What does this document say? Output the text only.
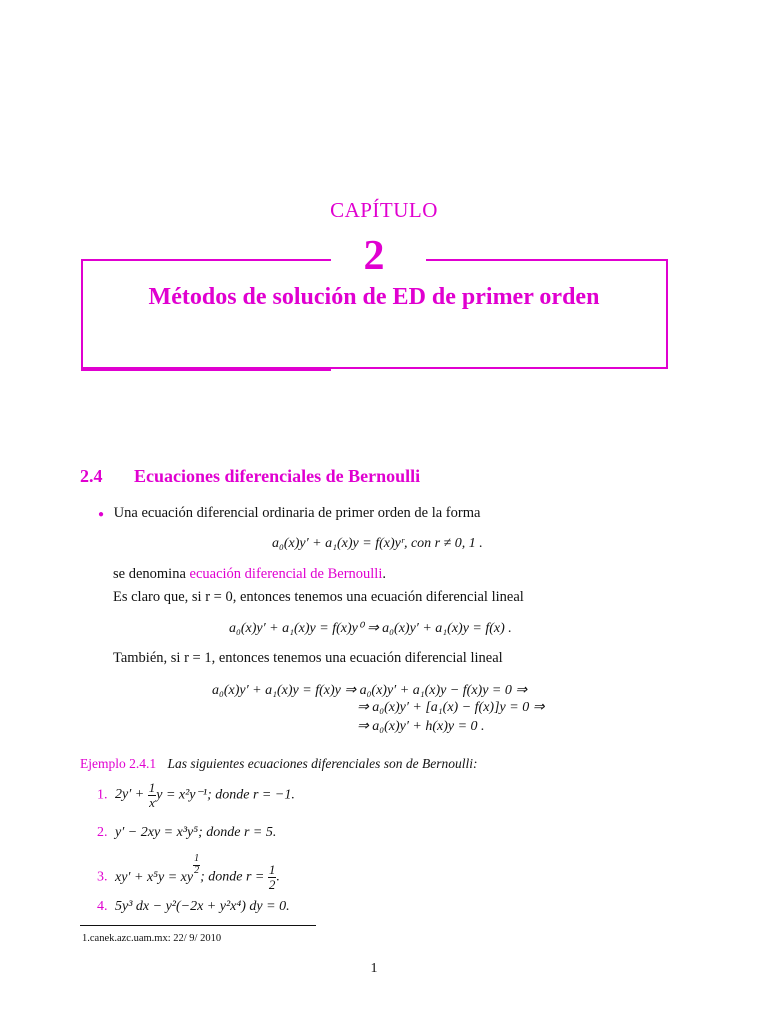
CAPÍTULO
2
Métodos de solución de ED de primer orden
2.4 Ecuaciones diferenciales de Bernoulli
● Una ecuación diferencial ordinaria de primer orden de la forma
a₀(x)y′ + a₁(x)y = f(x)yʳ, con r ≠ 0, 1 .
se denomina ecuación diferencial de Bernoulli.
Es claro que, si r = 0, entonces tenemos una ecuación diferencial lineal
a₀(x)y′ + a₁(x)y = f(x)y⁰ ⇒ a₀(x)y′ + a₁(x)y = f(x) .
También, si r = 1, entonces tenemos una ecuación diferencial lineal
a₀(x)y′ + a₁(x)y = f(x)y ⇒ a₀(x)y′ + a₁(x)y − f(x)y = 0 ⇒
⇒ a₀(x)y′ + [a₁(x) − f(x)]y = 0 ⇒
⇒ a₀(x)y′ + h(x)y = 0 .
Ejemplo 2.4.1 Las siguientes ecuaciones diferenciales son de Bernoulli:
1. $2y' + \frac{1}{x}$ y = x²y⁻¹; donde r = −1.
2. y′ − 2xy = x³y⁵; donde r = 5.
3. xy′ + x⁵y = xy
$\frac{1}{2}$
; donde $r = \frac{1}{2}$ .
4. 5y³ dx − y²(−2x + y²x⁴) dy = 0.
1.canek.azc.uam.mx: 22/ 9/ 2010
1
